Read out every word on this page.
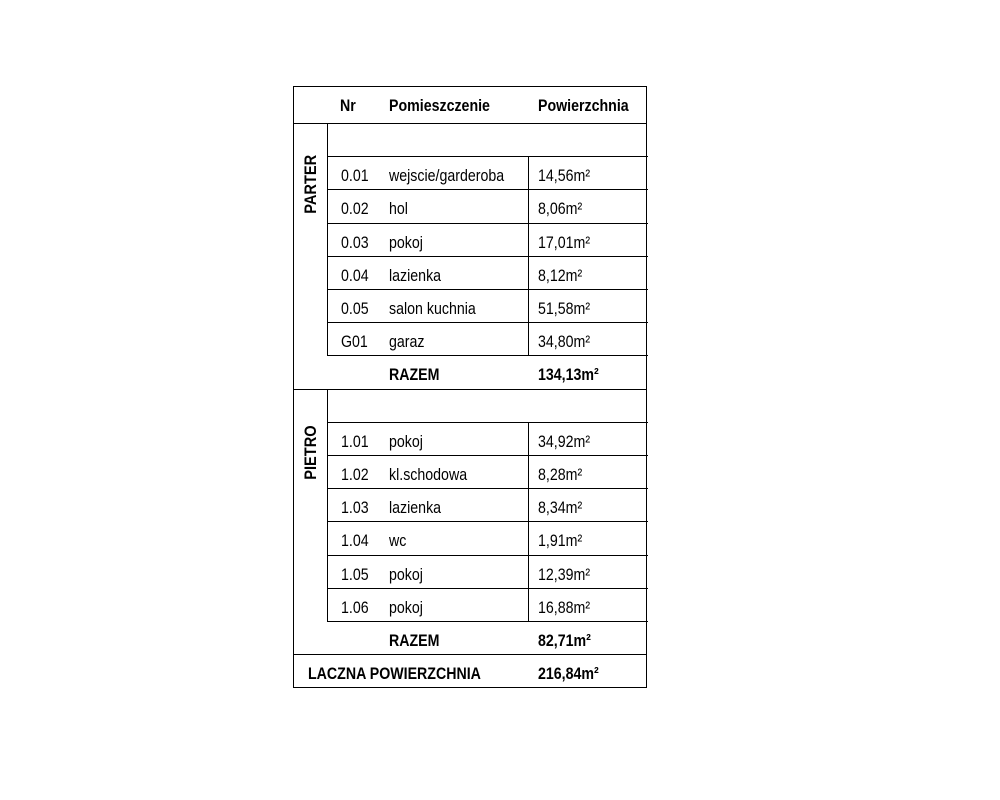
Nr Pomieszczenie	Powierzchnia
0.01 wejscie/garderoba 14,56m²
0.02 hol	8,06m²
0.03 pokoj	17,01m²
0.04 lazienka	8,12m²
0.05 salon kuchnia	51,58m²
G01 garaz	34,80m²
RAZEM	134,13m²
PARTER
1.01 pokoj	34,92m²
1.02 kl.schodowa	8,28m²
1.03 lazienka	8,34m²
1.04 wc	1,91m²
1.05 pokoj	12,39m²
1.06 pokoj	16,88m²
RAZEM	82,71m²
PIETRO
LACZNA POWIERZCHNIA	216,84m²
